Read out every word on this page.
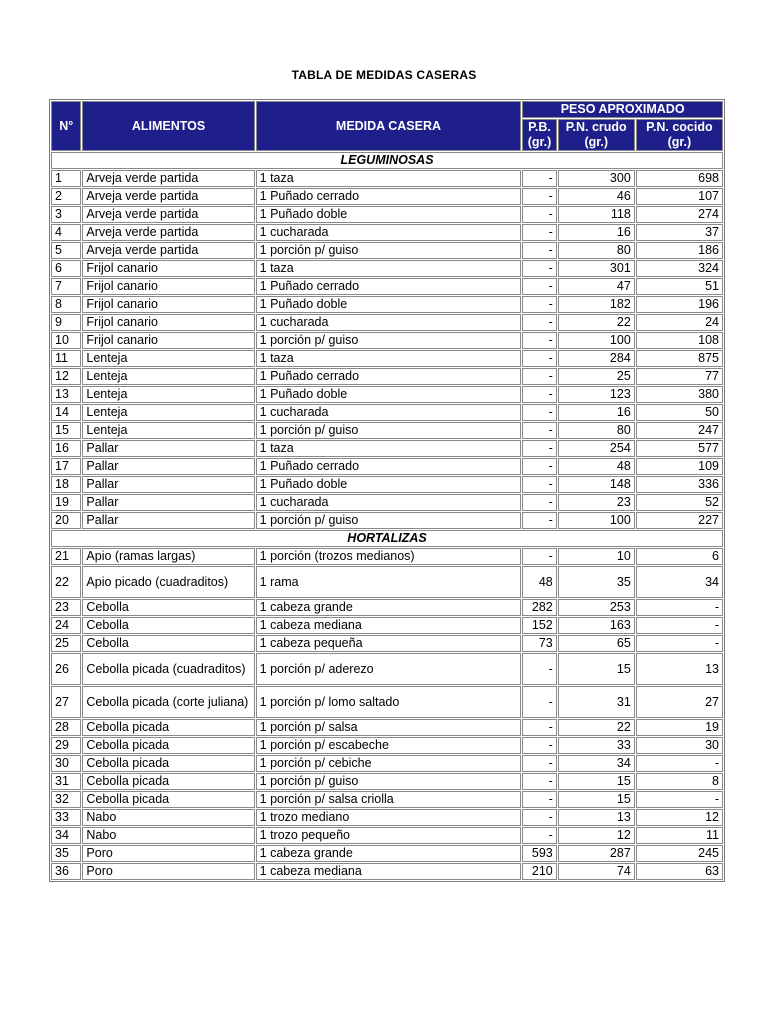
TABLA DE MEDIDAS CASERAS
N°	ALIMENTOS	MEDIDA CASERA	PESO APROXIMADO		
			P.B. (gr.)	P.N. crudo (gr.)	P.N. cocido (gr.)
LEGUMINOSAS					
1	Arveja verde partida	1 taza	-	300	698
2	Arveja verde partida	1 Puñado cerrado	-	46	107
3	Arveja verde partida	1 Puñado doble	-	118	274
4	Arveja verde partida	1 cucharada	-	16	37
5	Arveja verde partida	1 porción p/ guiso	-	80	186
6	Frijol canario	1 taza	-	301	324
7	Frijol canario	1 Puñado cerrado	-	47	51
8	Frijol canario	1 Puñado doble	-	182	196
9	Frijol canario	1 cucharada	-	22	24
10	Frijol canario	1 porción p/ guiso	-	100	108
11	Lenteja	1 taza	-	284	875
12	Lenteja	1 Puñado cerrado	-	25	77
13	Lenteja	1 Puñado doble	-	123	380
14	Lenteja	1 cucharada	-	16	50
15	Lenteja	1 porción p/ guiso	-	80	247
16	Pallar	1 taza	-	254	577
17	Pallar	1 Puñado cerrado	-	48	109
18	Pallar	1 Puñado doble	-	148	336
19	Pallar	1 cucharada	-	23	52
20	Pallar	1 porción p/ guiso	-	100	227
HORTALIZAS					
21	Apio (ramas largas)	1 porción (trozos medianos)	-	10	6
22	Apio picado (cuadraditos)	1 rama	48	35	34
23	Cebolla	1 cabeza grande	282	253	-
24	Cebolla	1 cabeza mediana	152	163	-
25	Cebolla	1 cabeza pequeña	73	65	-
26	Cebolla picada (cuadraditos)	1 porción p/ aderezo	-	15	13
27	Cebolla picada (corte juliana)	1 porción p/ lomo saltado	-	31	27
28	Cebolla picada	1 porción p/ salsa	-	22	19
29	Cebolla picada	1 porción p/ escabeche	-	33	30
30	Cebolla picada	1 porción p/ cebiche	-	34	-
31	Cebolla picada	1 porción p/ guiso	-	15	8
32	Cebolla picada	1 porción p/ salsa criolla	-	15	-
33	Nabo	1 trozo mediano	-	13	12
34	Nabo	1 trozo pequeño	-	12	11
35	Poro	1 cabeza grande	593	287	245
36	Poro	1 cabeza mediana	210	74	63
